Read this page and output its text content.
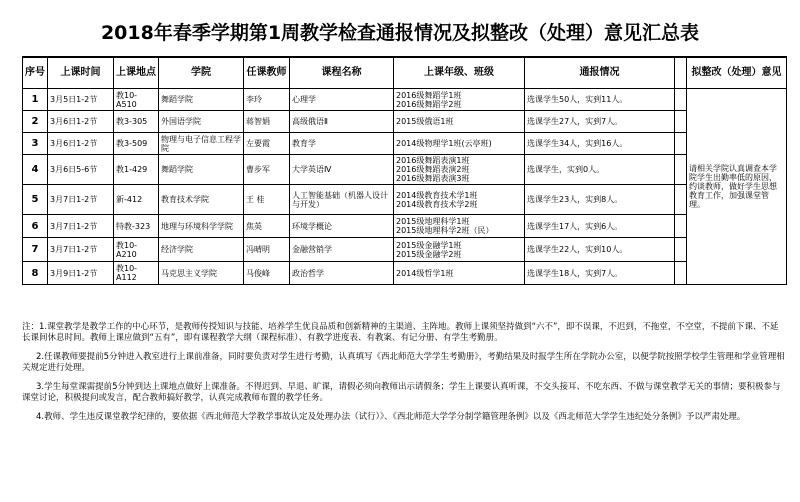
2018年春季学期第1周教学检查通报情况及拟整改（处理）意见汇总表
序号	上课时间	上课地点	学院	任课教师	课程名称	上课年级、班级	通报情况		拟整改（处理）意见
1	3月5日1-2节	教10-A510	舞蹈学院	李玲	心理学	2016级舞蹈学1班
2016级舞蹈学2班	选课学生50人，实到11人。		请相关学院认真调查本学院学生出勤率低的原因，约谈教师，做好学生思想教育工作，加强课堂管理。
2	3月6日1-2节	教3-305	外国语学院	蒋智娟	高级俄语Ⅱ	2015级俄语1班	选课学生27人，实到7人。		
3	3月6日1-2节	教3-509	物理与电子信息工程学院	左要霞	教育学	2014级物理学1班(云亭班)	选课学生34人，实到16人。		
4	3月6日5-6节	教1-429	舞蹈学院	曹步军	大学英语Ⅳ	2016级舞蹈表演1班
2016级舞蹈表演2班
2016级舞蹈表演3班	选课学生，实到0人。		
5	3月7日1-2节	新-412	教育技术学院	王 桂	人工智能基础（机器人设计与开发）	2014级教育技术学1班
2014级教育技术学2班	选课学生23人，实到8人。		
6	3月7日1-2节	特教-323	地理与环境科学学院	焦英	环境学概论	2015级地理科学1班
2015级地理科学2班（民）	选课学生17人，实到6人。		
7	3月7日1-2节	教10-A210	经济学院	冯晴明	金融营销学	2015级金融学1班
2015级金融学2班	选课学生22人，实到10人。		
8	3月9日1-2节	教10-A112	马克思主义学院	马俊峰	政治哲学	2014级哲学1班	选课学生18人，实到7人。		

注：1.课堂教学是教学工作的中心环节，是教师传授知识与技能、培养学生优良品质和创新精神的主渠道、主阵地。教师上课须坚持做到“六不”，即不误课，不迟到，不拖堂，不空堂，不提前下课、不延长课间休息时间。教师上课应做到“五有”，即有课程教学大纲（课程标准）、有教学进度表、有教案、有记分册、有学生考勤册。

2.任课教师要提前5分钟进入教室进行上课前准备，同时要负责对学生进行考勤，认真填写《西北师范大学学生考勤册》，考勤结果及时报学生所在学院办公室，以便学院按照学校学生管理和学业管理相关规定进行处理。

3.学生每堂课需提前5分钟到达上课地点做好上课准备。不得迟到、早退、旷课，请假必须向教师出示请假条；学生上课要认真听课，不交头接耳、不吃东西、不做与课堂教学无关的事情；要积极参与课堂讨论，积极提问或发言，配合教师搞好教学，认真完成教师布置的教学任务。

4.教师、学生违反课堂教学纪律的，要依据《西北师范大学教学事故认定及处理办法（试行）》、《西北师范大学学分制学籍管理条例》以及《西北师范大学学生违纪处分条例》予以严肃处理。
